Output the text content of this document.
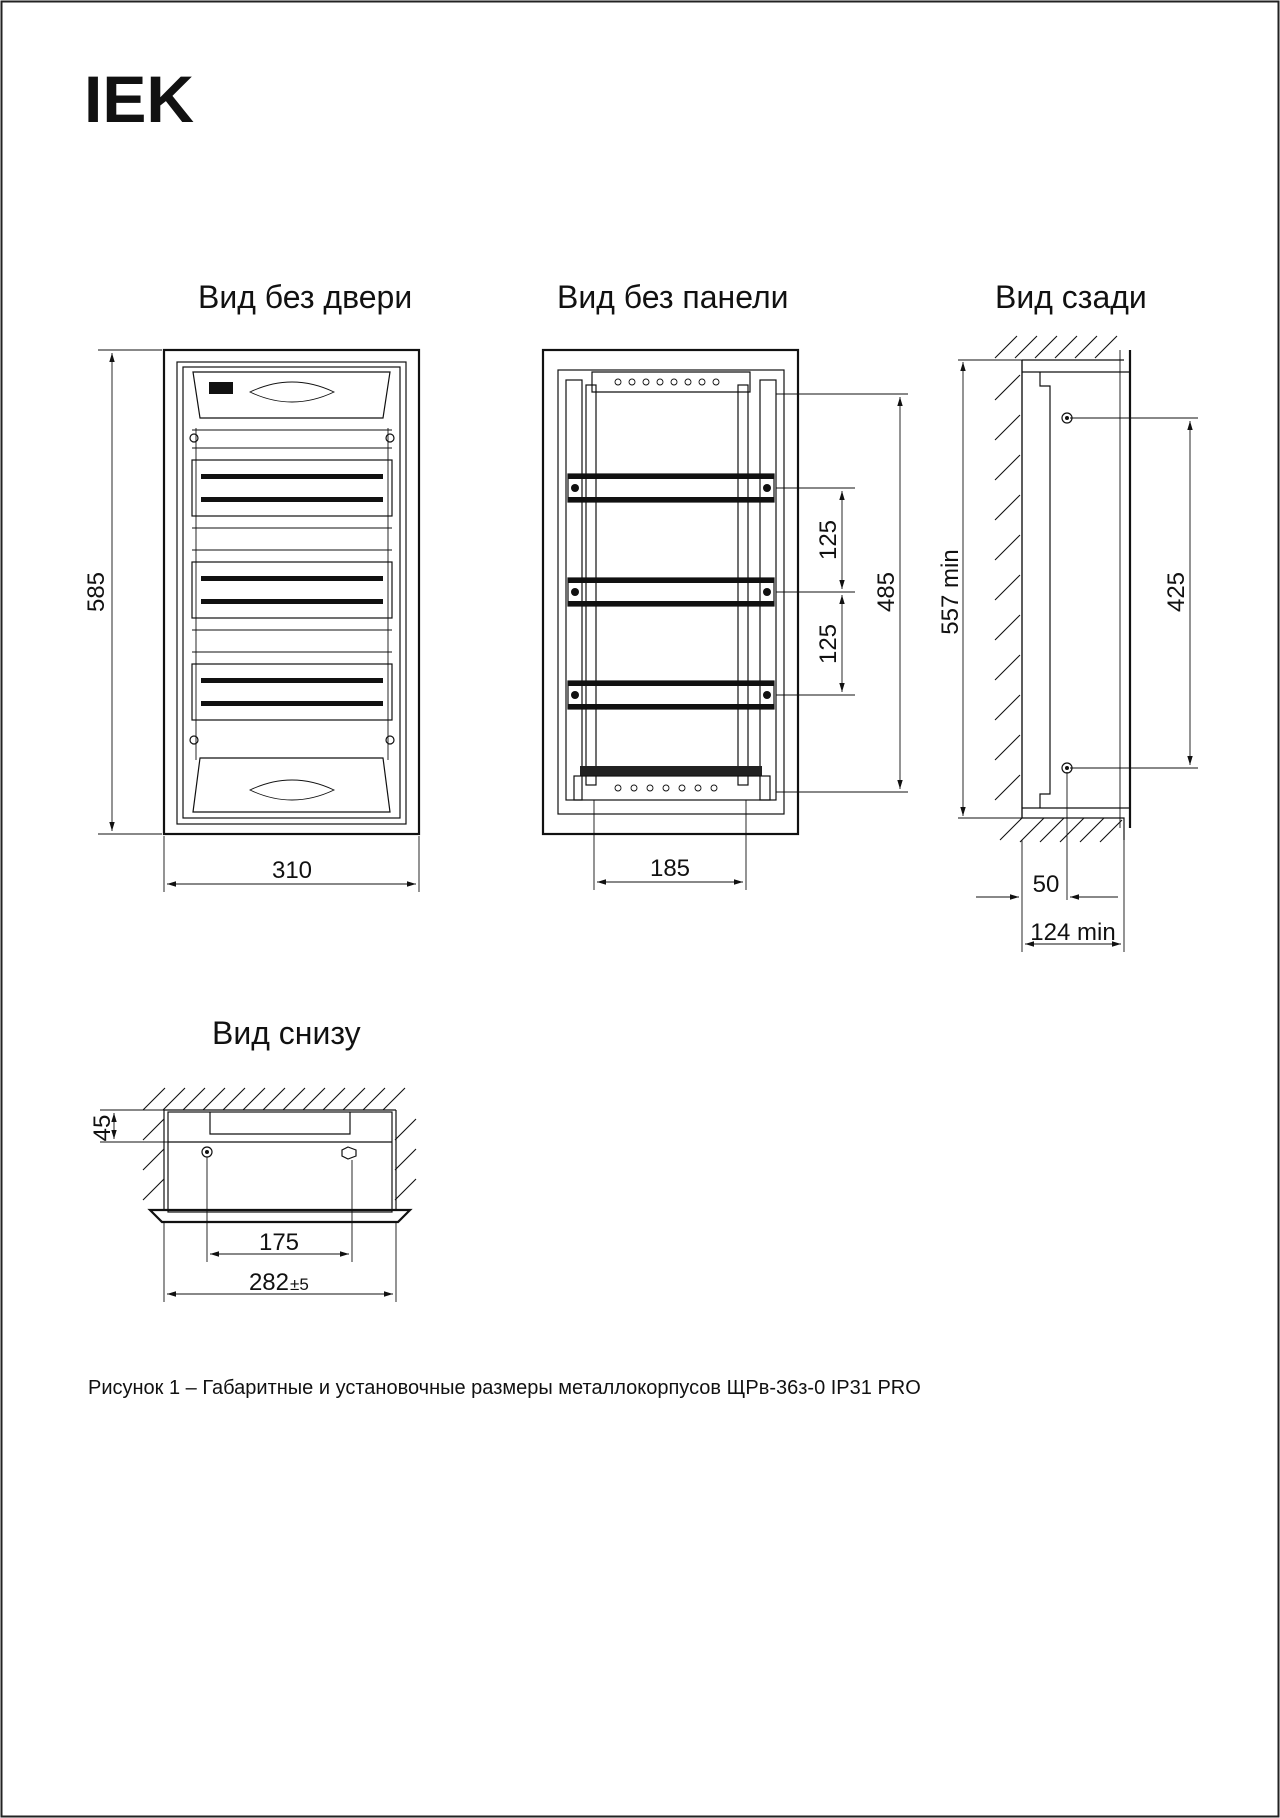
IEK
Вид без двери
585
310
Вид без панели
125
125
485
185
Вид сзади
557 min	425
50
124 min
Вид снизу
45
175
282 ±5
Рисунок 1 – Габаритные и установочные размеры металлокорпусов ЩРв-36з-0 IP31 PRO
